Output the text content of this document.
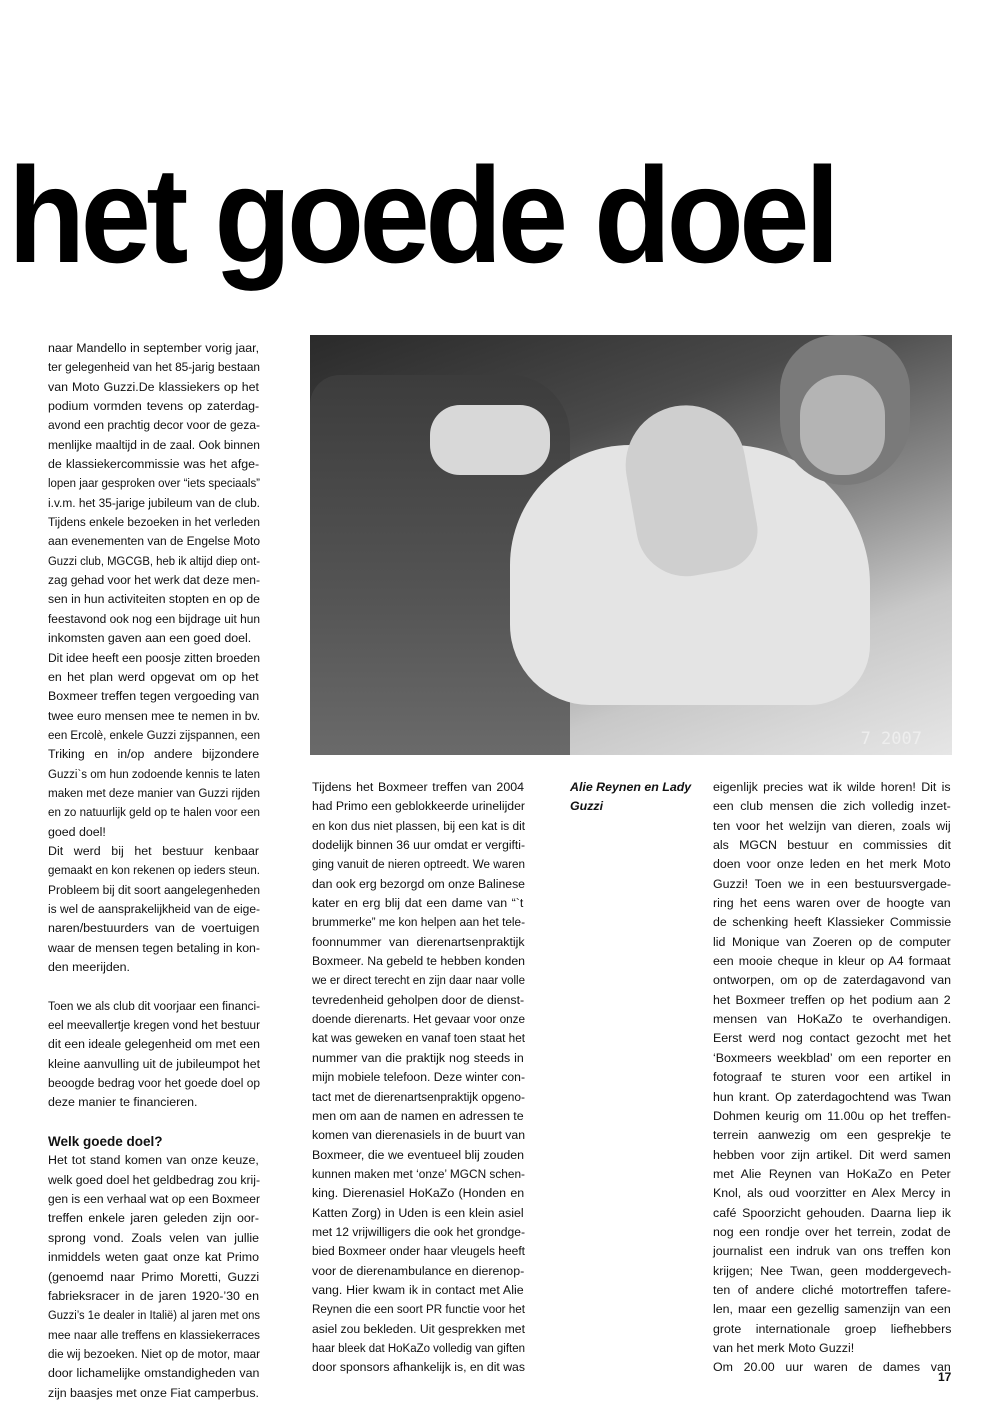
het goede doel
7 2007
Alie Reynen en Lady
Guzzi
naar Mandello in september vorig jaar,
ter gelegenheid van het 85-jarig bestaan
van Moto Guzzi.De klassiekers op het
podium vormden tevens op zaterdag-
avond een prachtig decor voor de geza-
menlijke maaltijd in de zaal. Ook binnen
de klassiekercommissie was het afge-
lopen jaar gesproken over “iets speciaals”
i.v.m. het 35-jarige jubileum van de club.
Tijdens enkele bezoeken in het verleden
aan evenementen van de Engelse Moto
Guzzi club, MGCGB, heb ik altijd diep ont-
zag gehad voor het werk dat deze men-
sen in hun activiteiten stopten en op de
feestavond ook nog een bijdrage uit hun
inkomsten gaven aan een goed doel.
Dit idee heeft een poosje zitten broeden
en het plan werd opgevat om op het
Boxmeer treffen tegen vergoeding van
twee euro mensen mee te nemen in bv.
een Ercolè, enkele Guzzi zijspannen, een
Triking en in/op andere bijzondere
Guzzi`s om hun zodoende kennis te laten
maken met deze manier van Guzzi rijden
en zo natuurlijk geld op te halen voor een
goed doel!
Dit werd bij het bestuur kenbaar
gemaakt en kon rekenen op ieders steun.
Probleem bij dit soort aangelegenheden
is wel de aansprakelijkheid van de eige-
naren/bestuurders van de voertuigen
waar de mensen tegen betaling in kon-
den meerijden.
Toen we als club dit voorjaar een financi-
eel meevallertje kregen vond het bestuur
dit een ideale gelegenheid om met een
kleine aanvulling uit de jubileumpot het
beoogde bedrag voor het goede doel op
deze manier te financieren.
Welk goede doel?
Het tot stand komen van onze keuze,
welk goed doel het geldbedrag zou krij-
gen is een verhaal wat op een Boxmeer
treffen enkele jaren geleden zijn oor-
sprong vond. Zoals velen van jullie
inmiddels weten gaat onze kat Primo
(genoemd naar Primo Moretti, Guzzi
fabrieksracer in de jaren 1920-’30 en
Guzzi’s 1e dealer in Italië) al jaren met ons
mee naar alle treffens en klassiekerraces
die wij bezoeken. Niet op de motor, maar
door lichamelijke omstandigheden van
zijn baasjes met onze Fiat camperbus.
Tijdens het Boxmeer treffen van 2004
had Primo een geblokkeerde urinelijder
en kon dus niet plassen, bij een kat is dit
dodelijk binnen 36 uur omdat er vergifti-
ging vanuit de nieren optreedt. We waren
dan ook erg bezorgd om onze Balinese
kater en erg blij dat een dame van “`t
brummerke” me kon helpen aan het tele-
foonnummer van dierenartsenpraktijk
Boxmeer. Na gebeld te hebben konden
we er direct terecht en zijn daar naar volle
tevredenheid geholpen door de dienst-
doende dierenarts. Het gevaar voor onze
kat was geweken en vanaf toen staat het
nummer van die praktijk nog steeds in
mijn mobiele telefoon. Deze winter con-
tact met de dierenartsenpraktijk opgeno-
men om aan de namen en adressen te
komen van dierenasiels in de buurt van
Boxmeer, die we eventueel blij zouden
kunnen maken met ‘onze’ MGCN schen-
king. Dierenasiel HoKaZo (Honden en
Katten Zorg) in Uden is een klein asiel
met 12 vrijwilligers die ook het grondge-
bied Boxmeer onder haar vleugels heeft
voor de dierenambulance en dierenop-
vang. Hier kwam ik in contact met Alie
Reynen die een soort PR functie voor het
asiel zou bekleden. Uit gesprekken met
haar bleek dat HoKaZo volledig van giften
door sponsors afhankelijk is, en dit was
eigenlijk precies wat ik wilde horen! Dit is
een club mensen die zich volledig inzet-
ten voor het welzijn van dieren, zoals wij
als MGCN bestuur en commissies dit
doen voor onze leden en het merk Moto
Guzzi! Toen we in een bestuursvergade-
ring het eens waren over de hoogte van
de schenking heeft Klassieker Commissie
lid Monique van Zoeren op de computer
een mooie cheque in kleur op A4 formaat
ontworpen, om op de zaterdagavond van
het Boxmeer treffen op het podium aan 2
mensen van HoKaZo te overhandigen.
Eerst werd nog contact gezocht met het
‘Boxmeers weekblad’ om een reporter en
fotograaf te sturen voor een artikel in
hun krant. Op zaterdagochtend was Twan
Dohmen keurig om 11.00u op het treffen-
terrein aanwezig om een gesprekje te
hebben voor zijn artikel. Dit werd samen
met Alie Reynen van HoKaZo en Peter
Knol, als oud voorzitter en Alex Mercy in
café Spoorzicht gehouden. Daarna liep ik
nog een rondje over het terrein, zodat de
journalist een indruk van ons treffen kon
krijgen; Nee Twan, geen moddergevech-
ten of andere cliché motortreffen tafere-
len, maar een gezellig samenzijn van een
grote internationale groep liefhebbers
van het merk Moto Guzzi!
Om 20.00 uur waren de dames van
17
